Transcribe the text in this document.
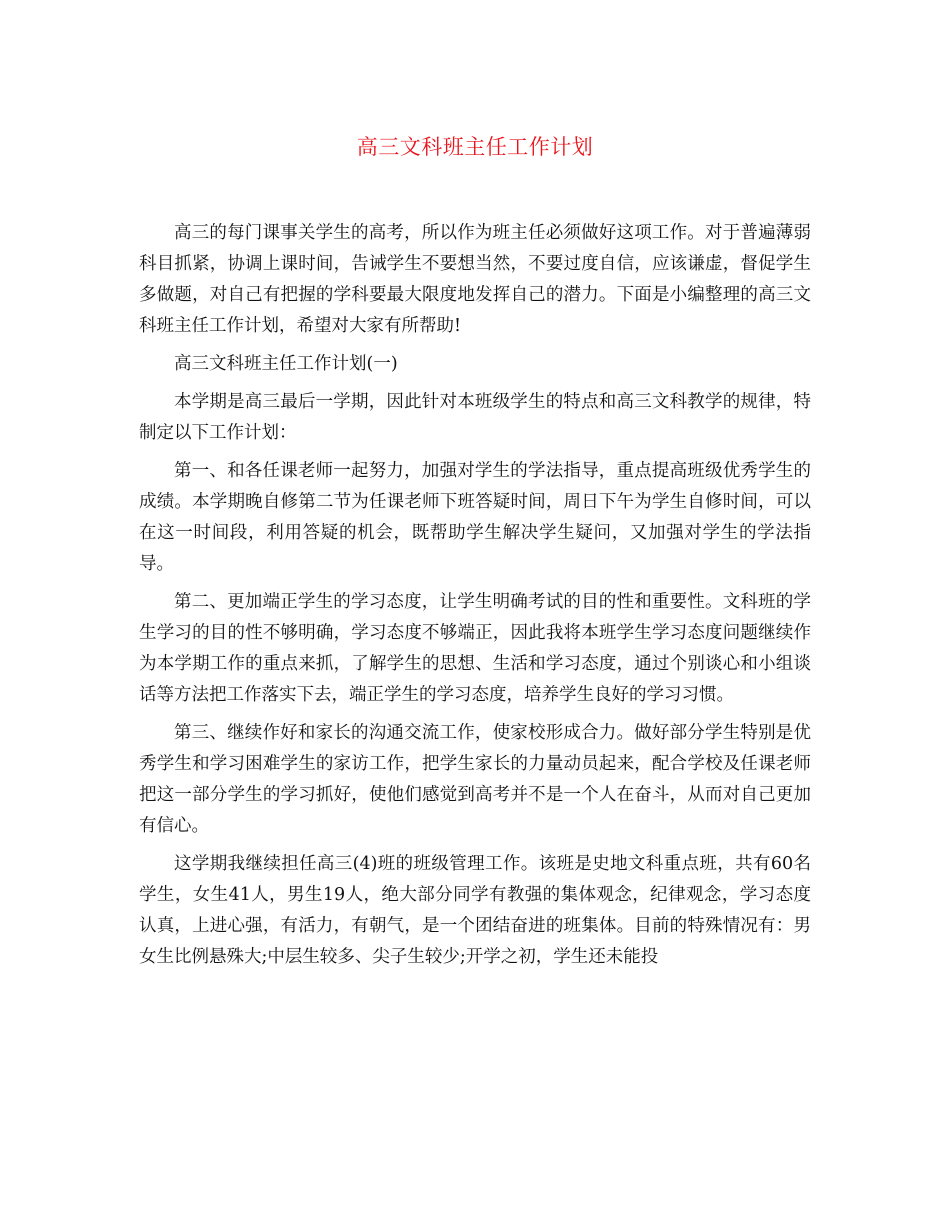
高三文科班主任工作计划

高三的每门课事关学生的高考，所以作为班主任必须做好这项工作。对于普遍薄弱科目抓紧，协调上课时间，告诫学生不要想当然，不要过度自信，应该谦虚，督促学生多做题，对自己有把握的学科要最大限度地发挥自己的潜力。下面是小编整理的高三文科班主任工作计划，希望对大家有所帮助!

高三文科班主任工作计划(一)

本学期是高三最后一学期，因此针对本班级学生的特点和高三文科教学的规律，特制定以下工作计划：

第一、和各任课老师一起努力，加强对学生的学法指导，重点提高班级优秀学生的成绩。本学期晚自修第二节为任课老师下班答疑时间，周日下午为学生自修时间，可以在这一时间段，利用答疑的机会，既帮助学生解决学生疑问，又加强对学生的学法指导。

第二、更加端正学生的学习态度，让学生明确考试的目的性和重要性。文科班的学生学习的目的性不够明确，学习态度不够端正，因此我将本班学生学习态度问题继续作为本学期工作的重点来抓，了解学生的思想、生活和学习态度，通过个别谈心和小组谈话等方法把工作落实下去，端正学生的学习态度，培养学生良好的学习习惯。

第三、继续作好和家长的沟通交流工作，使家校形成合力。做好部分学生特别是优秀学生和学习困难学生的家访工作，把学生家长的力量动员起来，配合学校及任课老师把这一部分学生的学习抓好，使他们感觉到高考并不是一个人在奋斗，从而对自己更加有信心。

这学期我继续担任高三(4)班的班级管理工作。该班是史地文科重点班，共有60名学生，女生41人，男生19人，绝大部分同学有教强的集体观念，纪律观念，学习态度认真，上进心强，有活力，有朝气，是一个团结奋进的班集体。目前的特殊情况有：男女生比例悬殊大;中层生较多、尖子生较少;开学之初，学生还未能投
